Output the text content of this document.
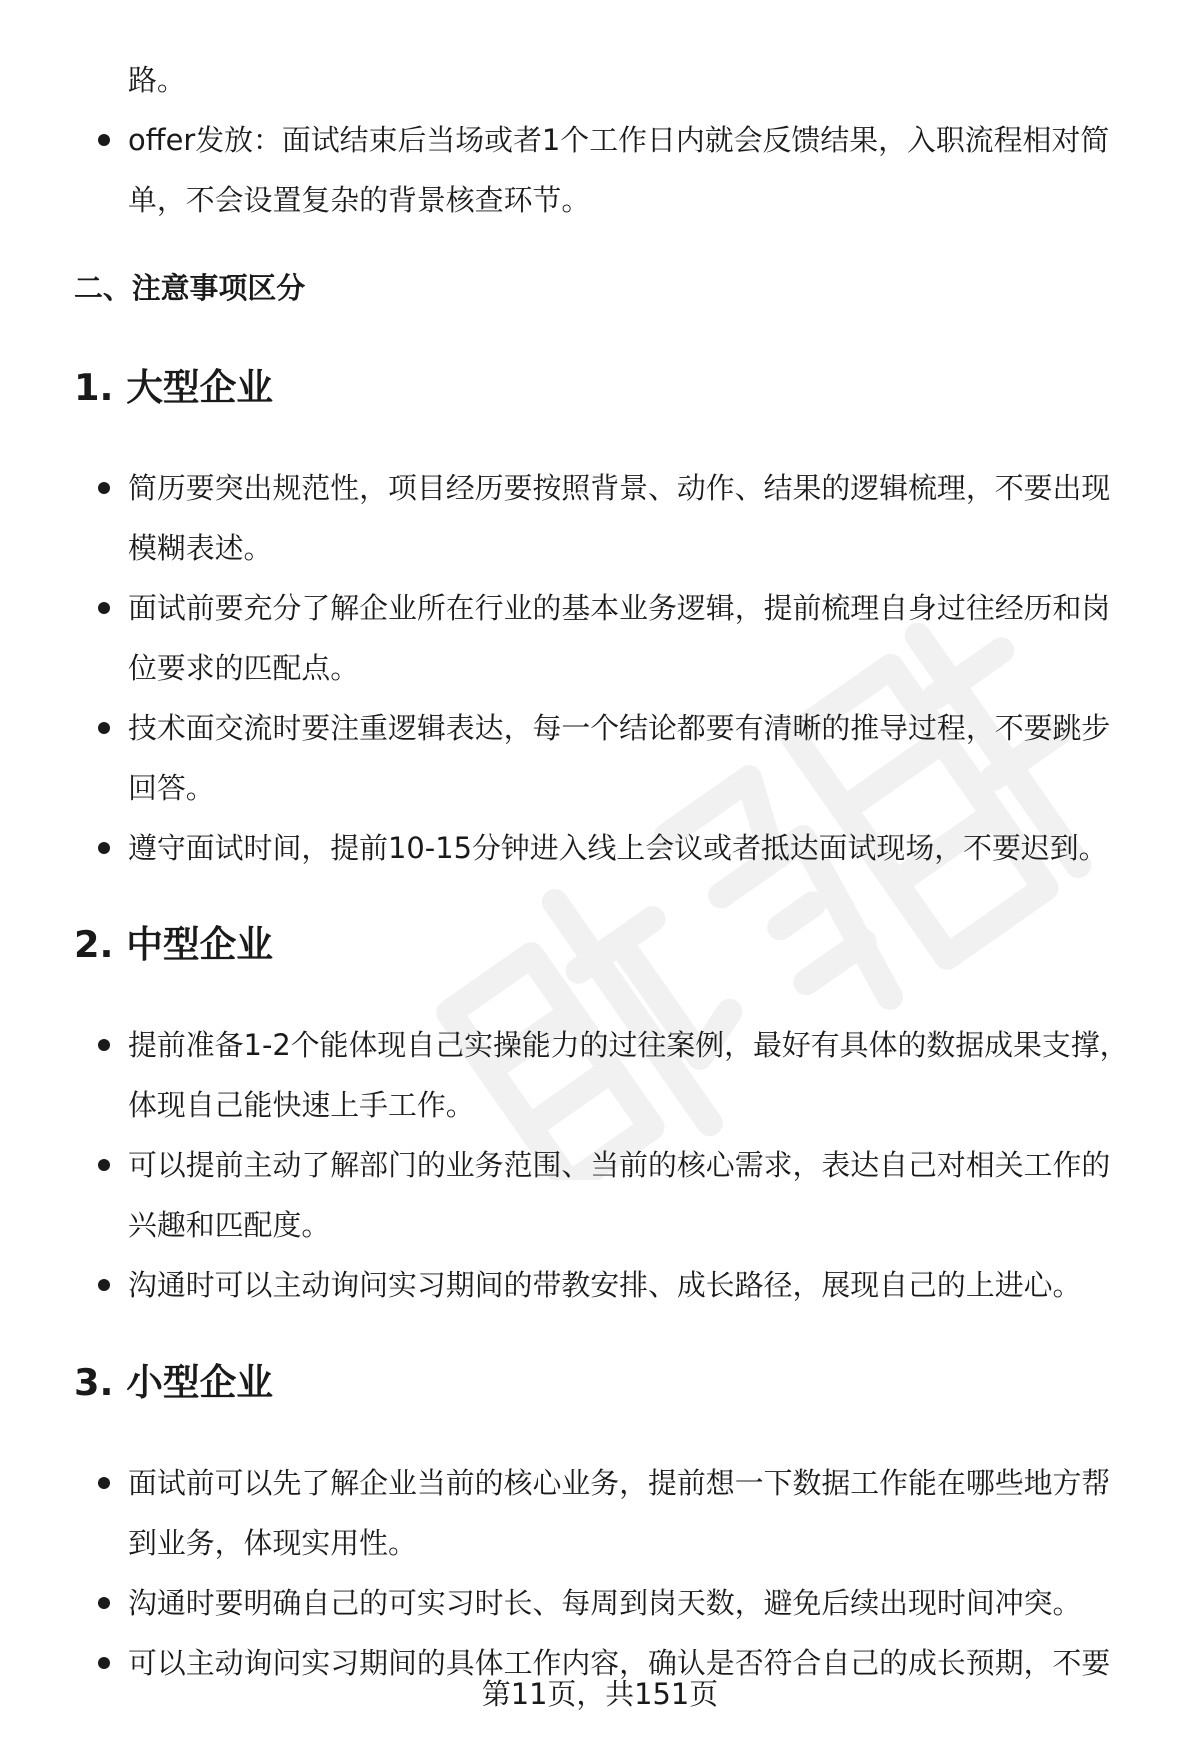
路。

offer发放：面试结束后当场或者1个工作日内就会反馈结果，入职流程相对简单，不会设置复杂的背景核查环节。
二、注意事项区分
1. 大型企业
简历要突出规范性，项目经历要按照背景、动作、结果的逻辑梳理，不要出现模糊表述。
面试前要充分了解企业所在行业的基本业务逻辑，提前梳理自身过往经历和岗位要求的匹配点。
技术面交流时要注重逻辑表达，每一个结论都要有清晰的推导过程，不要跳步回答。
遵守面试时间，提前10-15分钟进入线上会议或者抵达面试现场，不要迟到。
2. 中型企业
提前准备1-2个能体现自己实操能力的过往案例，最好有具体的数据成果支撑，体现自己能快速上手工作。
可以提前主动了解部门的业务范围、当前的核心需求，表达自己对相关工作的兴趣和匹配度。
沟通时可以主动询问实习期间的带教安排、成长路径，展现自己的上进心。
3. 小型企业
面试前可以先了解企业当前的核心业务，提前想一下数据工作能在哪些地方帮到业务，体现实用性。
沟通时要明确自己的可实习时长、每周到岗天数，避免后续出现时间冲突。
可以主动询问实习期间的具体工作内容，确认是否符合自己的成长预期，不要
第11页，共151页
